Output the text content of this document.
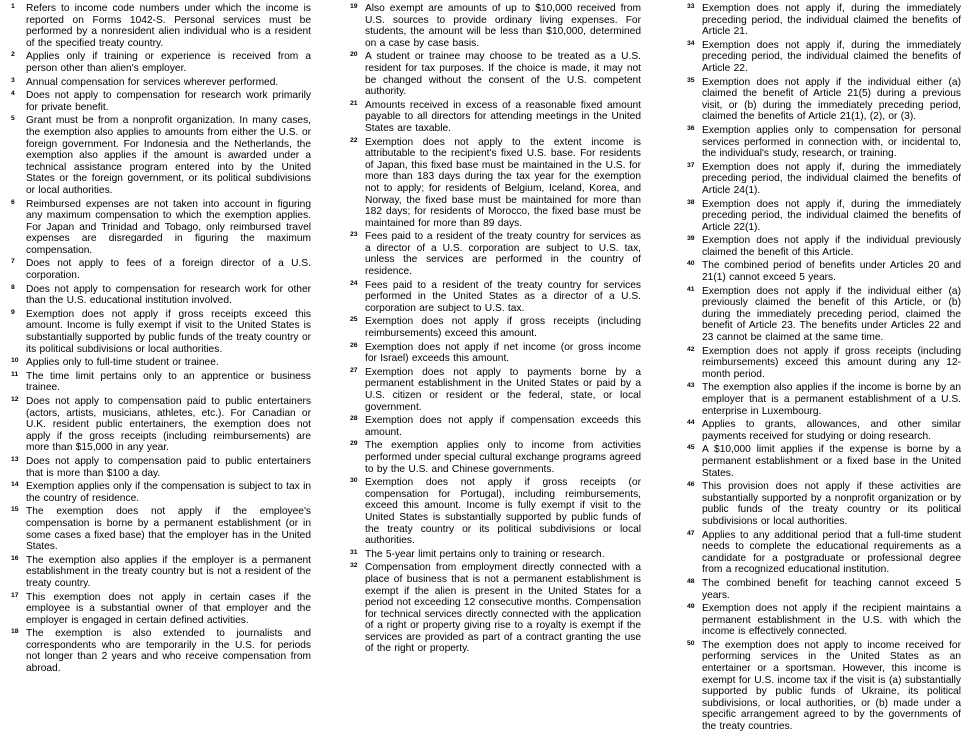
1 Refers to income code numbers under which the income is reported on Forms 1042-S. Personal services must be performed by a nonresident alien individual who is a resident of the specified treaty country.
2 Applies only if training or experience is received from a person other than alien's employer.
3 Annual compensation for services wherever performed.
4 Does not apply to compensation for research work primarily for private benefit.
5 Grant must be from a nonprofit organization. In many cases, the exemption also applies to amounts from either the U.S. or foreign government. For Indonesia and the Netherlands, the exemption also applies if the amount is awarded under a technical assistance program entered into by the United States or the foreign government, or its political subdivisions or local authorities.
6 Reimbursed expenses are not taken into account in figuring any maximum compensation to which the exemption applies. For Japan and Trinidad and Tobago, only reimbursed travel expenses are disregarded in figuring the maximum compensation.
7 Does not apply to fees of a foreign director of a U.S. corporation.
8 Does not apply to compensation for research work for other than the U.S. educational institution involved.
9 Exemption does not apply if gross receipts exceed this amount. Income is fully exempt if visit to the United States is substantially supported by public funds of the treaty country or its political subdivisions or local authorities.
10 Applies only to full-time student or trainee.
11 The time limit pertains only to an apprentice or business trainee.
12 Does not apply to compensation paid to public entertainers (actors, artists, musicians, athletes, etc.). For Canadian or U.K. resident public entertainers, the exemption does not apply if the gross receipts (including reimbursements) are more than $15,000 in any year.
13 Does not apply to compensation paid to public entertainers that is more than $100 a day.
14 Exemption applies only if the compensation is subject to tax in the country of residence.
15 The exemption does not apply if the employee's compensation is borne by a permanent establishment (or in some cases a fixed base) that the employer has in the United States.
16 The exemption also applies if the employer is a permanent establishment in the treaty country but is not a resident of the treaty country.
17 This exemption does not apply in certain cases if the employee is a substantial owner of that employer and the employer is engaged in certain defined activities.
18 The exemption is also extended to journalists and correspondents who are temporarily in the U.S. for periods not longer than 2 years and who receive compensation from abroad.
19 Also exempt are amounts of up to $10,000 received from U.S. sources to provide ordinary living expenses. For students, the amount will be less than $10,000, determined on a case by case basis.
20 A student or trainee may choose to be treated as a U.S. resident for tax purposes. If the choice is made, it may not be changed without the consent of the U.S. competent authority.
21 Amounts received in excess of a reasonable fixed amount payable to all directors for attending meetings in the United States are taxable.
22 Exemption does not apply to the extent income is attributable to the recipient's fixed U.S. base. For residents of Japan, this fixed base must be maintained in the U.S. for more than 183 days during the tax year for the exemption not to apply; for residents of Belgium, Iceland, Korea, and Norway, the fixed base must be maintained for more than 182 days; for residents of Morocco, the fixed base must be maintained for more than 89 days.
23 Fees paid to a resident of the treaty country for services as a director of a U.S. corporation are subject to U.S. tax, unless the services are performed in the country of residence.
24 Fees paid to a resident of the treaty country for services performed in the United States as a director of a U.S. corporation are subject to U.S. tax.
25 Exemption does not apply if gross receipts (including reimbursements) exceed this amount.
26 Exemption does not apply if net income (or gross income for Israel) exceeds this amount.
27 Exemption does not apply to payments borne by a permanent establishment in the United States or paid by a U.S. citizen or resident or the federal, state, or local government.
28 Exemption does not apply if compensation exceeds this amount.
29 The exemption applies only to income from activities performed under special cultural exchange programs agreed to by the U.S. and Chinese governments.
30 Exemption does not apply if gross receipts (or compensation for Portugal), including reimbursements, exceed this amount. Income is fully exempt if visit to the United States is substantially supported by public funds of the treaty country or its political subdivisions or local authorities.
31 The 5-year limit pertains only to training or research.
32 Compensation from employment directly connected with a place of business that is not a permanent establishment is exempt if the alien is present in the United States for a period not exceeding 12 consecutive months. Compensation for technical services directly connected with the application of a right or property giving rise to a royalty is exempt if the services are provided as part of a contract granting the use of the right or property.
33 Exemption does not apply if, during the immediately preceding period, the individual claimed the benefits of Article 21.
34 Exemption does not apply if, during the immediately preceding period, the individual claimed the benefits of Article 22.
35 Exemption does not apply if the individual either (a) claimed the benefit of Article 21(5) during a previous visit, or (b) during the immediately preceding period, claimed the benefits of Article 21(1), (2), or (3).
36 Exemption applies only to compensation for personal services performed in connection with, or incidental to, the individual's study, research, or training.
37 Exemption does not apply if, during the immediately preceding period, the individual claimed the benefits of Article 24(1).
38 Exemption does not apply if, during the immediately preceding period, the individual claimed the benefits of Article 22(1).
39 Exemption does not apply if the individual previously claimed the benefit of this Article.
40 The combined period of benefits under Articles 20 and 21(1) cannot exceed 5 years.
41 Exemption does not apply if the individual either (a) previously claimed the benefit of this Article, or (b) during the immediately preceding period, claimed the benefit of Article 23. The benefits under Articles 22 and 23 cannot be claimed at the same time.
42 Exemption does not apply if gross receipts (including reimbursements) exceed this amount during any 12-month period.
43 The exemption also applies if the income is borne by an employer that is a permanent establishment of a U.S. enterprise in Luxembourg.
44 Applies to grants, allowances, and other similar payments received for studying or doing research.
45 A $10,000 limit applies if the expense is borne by a permanent establishment or a fixed base in the United States.
46 This provision does not apply if these activities are substantially supported by a nonprofit organization or by public funds of the treaty country or its political subdivisions or local authorities.
47 Applies to any additional period that a full-time student needs to complete the educational requirements as a candidate for a postgraduate or professional degree from a recognized educational institution.
48 The combined benefit for teaching cannot exceed 5 years.
49 Exemption does not apply if the recipient maintains a permanent establishment in the U.S. with which the income is effectively connected.
50 The exemption does not apply to income received for performing services in the United States as an entertainer or a sportsman. However, this income is exempt for U.S. income tax if the visit is (a) substantially supported by public funds of Ukraine, its political subdivisions, or local authorities, or (b) made under a specific arrangement agreed to by the governments of the treaty countries.
